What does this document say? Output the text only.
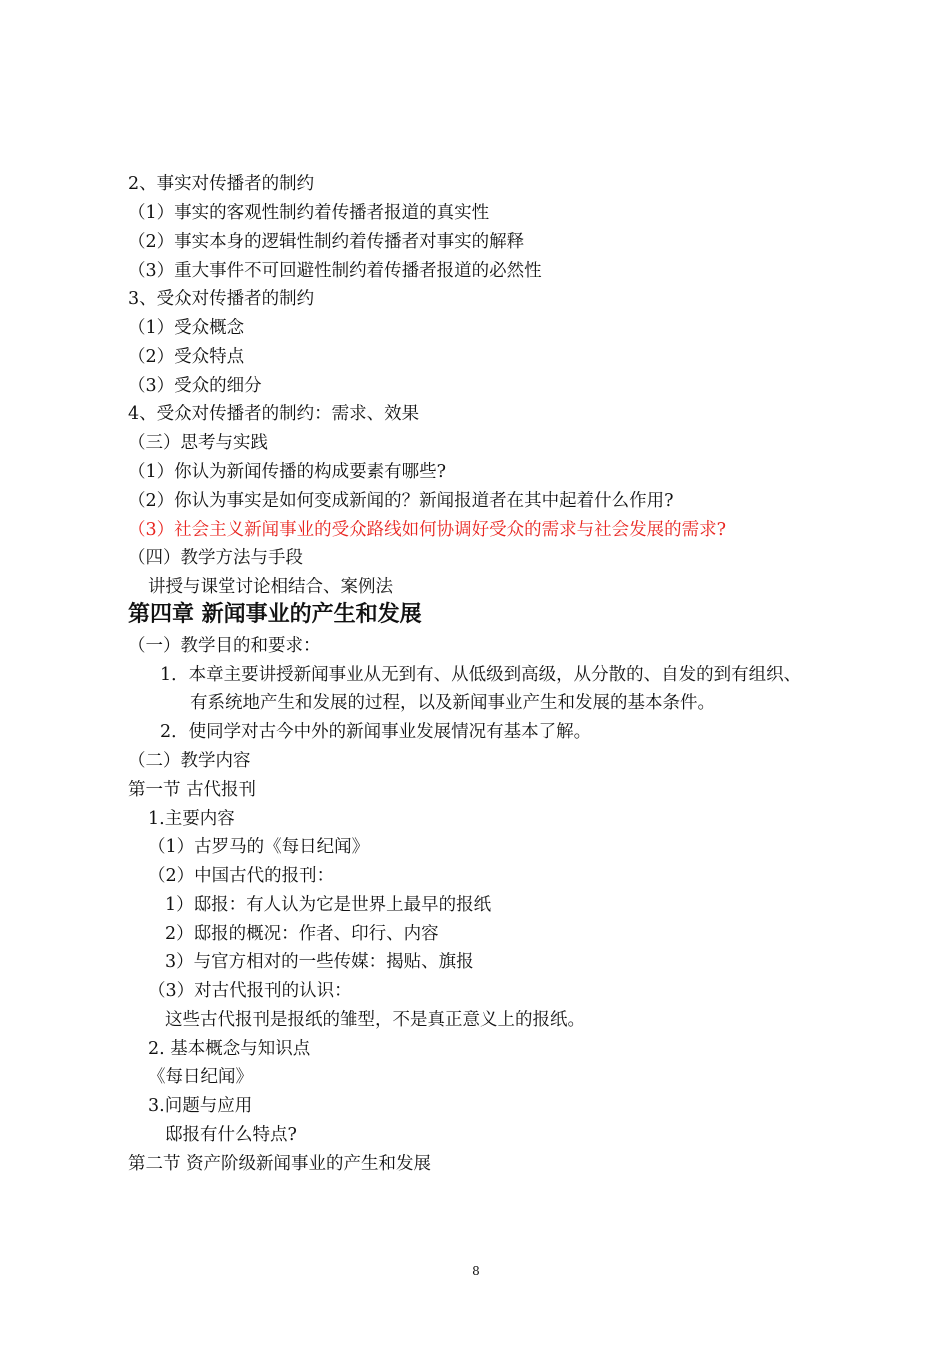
2、事实对传播者的制约
（1）事实的客观性制约着传播者报道的真实性
（2）事实本身的逻辑性制约着传播者对事实的解释
（3）重大事件不可回避性制约着传播者报道的必然性
3、受众对传播者的制约
（1）受众概念
（2）受众特点
（3）受众的细分
4、受众对传播者的制约：需求、效果
（三）思考与实践
（1）你认为新闻传播的构成要素有哪些?
（2）你认为事实是如何变成新闻的？新闻报道者在其中起着什么作用?
（3）社会主义新闻事业的受众路线如何协调好受众的需求与社会发展的需求?
（四）教学方法与手段
讲授与课堂讨论相结合、案例法
第四章 新闻事业的产生和发展
（一）教学目的和要求：
1．本章主要讲授新闻事业从无到有、从低级到高级，从分散的、自发的到有组织、
有系统地产生和发展的过程，以及新闻事业产生和发展的基本条件。
2．使同学对古今中外的新闻事业发展情况有基本了解。
（二）教学内容
第一节 古代报刊
1.主要内容
（1）古罗马的《每日纪闻》
（2）中国古代的报刊：
1）邸报：有人认为它是世界上最早的报纸
2）邸报的概况：作者、印行、内容
3）与官方相对的一些传媒：揭贴、旗报
（3）对古代报刊的认识：
这些古代报刊是报纸的雏型，不是真正意义上的报纸。
2. 基本概念与知识点
《每日纪闻》
3.问题与应用
邸报有什么特点?
第二节 资产阶级新闻事业的产生和发展
8
